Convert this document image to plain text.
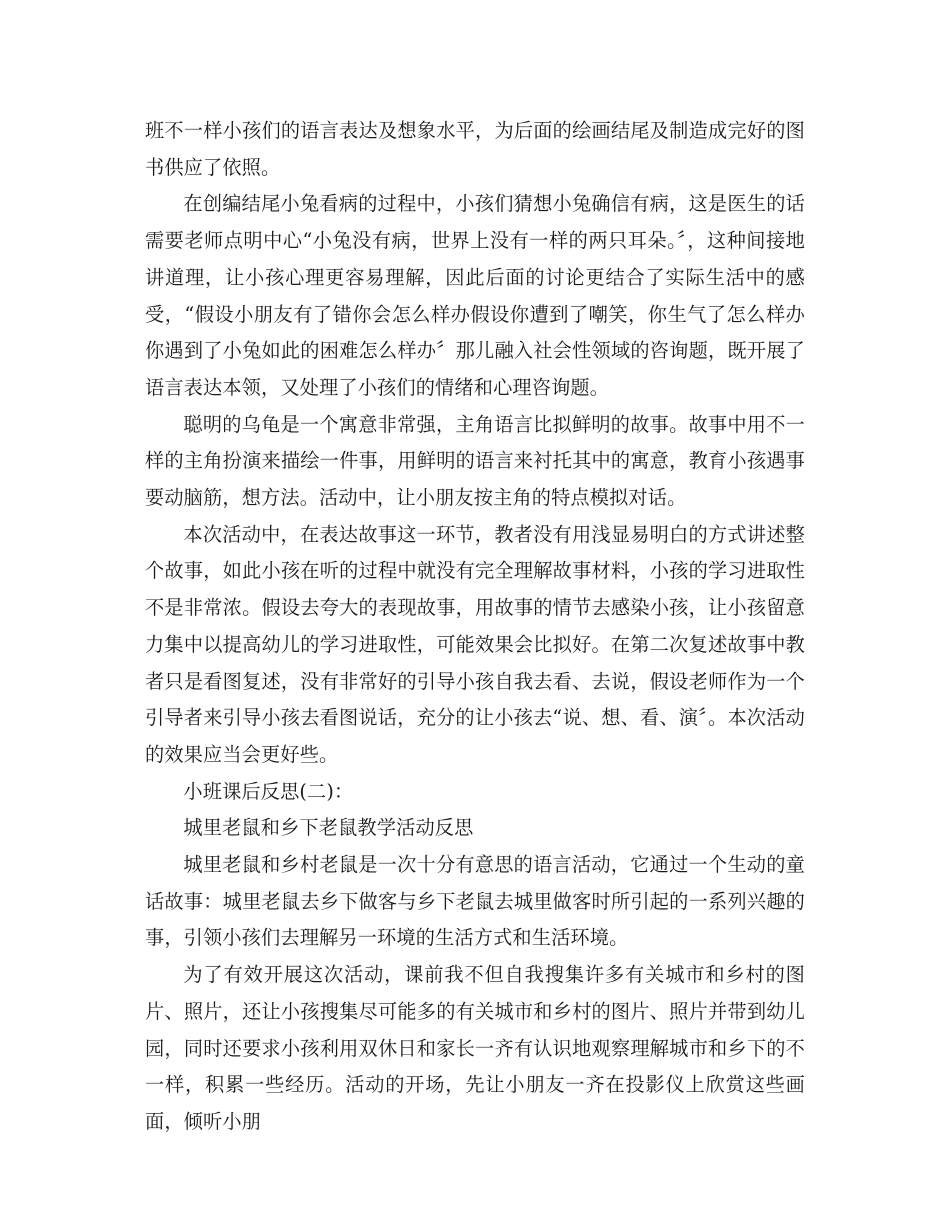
班不一样小孩们的语言表达及想象水平，为后面的绘画结尾及制造成完好的图书供应了依照。

在创编结尾小兔看病的过程中，小孩们猜想小兔确信有病，这是医生的话需要老师点明中心“小兔没有病，世界上没有一样的两只耳朵。〞，这种间接地讲道理，让小孩心理更容易理解，因此后面的讨论更结合了实际生活中的感受，“假设小朋友有了错你会怎么样办假设你遭到了嘲笑，你生气了怎么样办你遇到了小兔如此的困难怎么样办〞那儿融入社会性领域的咨询题，既开展了语言表达本领，又处理了小孩们的情绪和心理咨询题。

聪明的乌龟是一个寓意非常强，主角语言比拟鲜明的故事。故事中用不一样的主角扮演来描绘一件事，用鲜明的语言来衬托其中的寓意，教育小孩遇事要动脑筋，想方法。活动中，让小朋友按主角的特点模拟对话。

本次活动中，在表达故事这一环节，教者没有用浅显易明白的方式讲述整个故事，如此小孩在听的过程中就没有完全理解故事材料，小孩的学习进取性不是非常浓。假设去夸大的表现故事，用故事的情节去感染小孩，让小孩留意力集中以提高幼儿的学习进取性，可能效果会比拟好。在第二次复述故事中教者只是看图复述，没有非常好的引导小孩自我去看、去说，假设老师作为一个引导者来引导小孩去看图说话，充分的让小孩去“说、想、看、演〞。本次活动的效果应当会更好些。

小班课后反思(二)：

城里老鼠和乡下老鼠教学活动反思

城里老鼠和乡村老鼠是一次十分有意思的语言活动，它通过一个生动的童话故事：城里老鼠去乡下做客与乡下老鼠去城里做客时所引起的一系列兴趣的事，引领小孩们去理解另一环境的生活方式和生活环境。

为了有效开展这次活动，课前我不但自我搜集许多有关城市和乡村的图片、照片，还让小孩搜集尽可能多的有关城市和乡村的图片、照片并带到幼儿园，同时还要求小孩利用双休日和家长一齐有认识地观察理解城市和乡下的不一样，积累一些经历。活动的开场，先让小朋友一齐在投影仪上欣赏这些画面，倾听小朋
